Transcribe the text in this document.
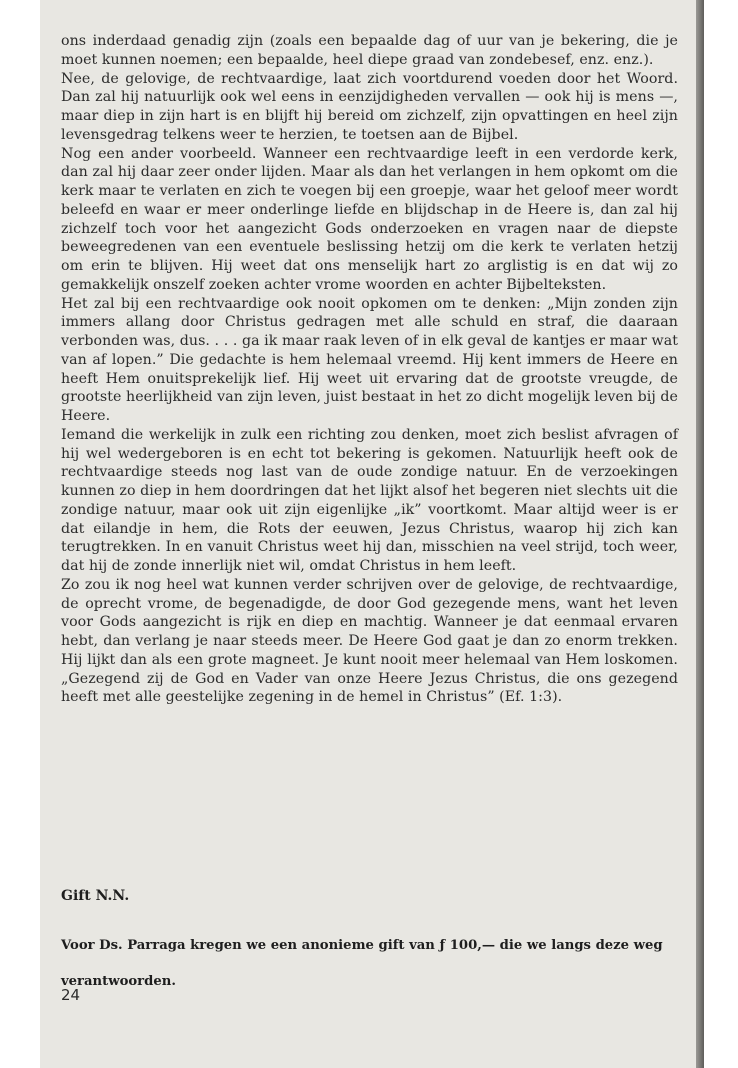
ons inderdaad genadig zijn (zoals een bepaalde dag of uur van je bekering, die je moet kunnen noemen; een bepaalde, heel diepe graad van zondebesef, enz. enz.).

Nee, de gelovige, de rechtvaardige, laat zich voortdurend voeden door het Woord. Dan zal hij natuurlijk ook wel eens in eenzijdigheden vervallen — ook hij is mens —, maar diep in zijn hart is en blijft hij bereid om zichzelf, zijn opvattingen en heel zijn levensgedrag telkens weer te herzien, te toetsen aan de Bijbel.

Nog een ander voorbeeld. Wanneer een rechtvaardige leeft in een verdorde kerk, dan zal hij daar zeer onder lijden. Maar als dan het verlangen in hem opkomt om die kerk maar te verlaten en zich te voegen bij een groepje, waar het geloof meer wordt beleefd en waar er meer onderlinge liefde en blijdschap in de Heere is, dan zal hij zichzelf toch voor het aangezicht Gods onderzoeken en vragen naar de diepste beweegredenen van een eventuele beslissing hetzij om die kerk te verlaten hetzij om erin te blijven. Hij weet dat ons menselijk hart zo arglistig is en dat wij zo gemakkelijk onszelf zoeken achter vrome woorden en achter Bijbelteksten.

Het zal bij een rechtvaardige ook nooit opkomen om te denken: „Mijn zonden zijn immers allang door Christus gedragen met alle schuld en straf, die daaraan verbonden was, dus. . . . ga ik maar raak leven of in elk geval de kantjes er maar wat van af lopen.” Die gedachte is hem helemaal vreemd. Hij kent immers de Heere en heeft Hem onuitsprekelijk lief. Hij weet uit ervaring dat de grootste vreugde, de grootste heerlijkheid van zijn leven, juist bestaat in het zo dicht mogelijk leven bij de Heere.

Iemand die werkelijk in zulk een richting zou denken, moet zich beslist afvragen of hij wel wedergeboren is en echt tot bekering is gekomen. Natuurlijk heeft ook de rechtvaardige steeds nog last van de oude zondige natuur. En de verzoekingen kunnen zo diep in hem doordringen dat het lijkt alsof het begeren niet slechts uit die zondige natuur, maar ook uit zijn eigenlijke „ik” voortkomt. Maar altijd weer is er dat eilandje in hem, die Rots der eeuwen, Jezus Christus, waarop hij zich kan terugtrekken. In en vanuit Christus weet hij dan, misschien na veel strijd, toch weer, dat hij de zonde innerlijk niet wil, omdat Christus in hem leeft.

Zo zou ik nog heel wat kunnen verder schrijven over de gelovige, de rechtvaardige, de oprecht vrome, de begenadigde, de door God gezegende mens, want het leven voor Gods aangezicht is rijk en diep en machtig. Wanneer je dat eenmaal ervaren hebt, dan verlang je naar steeds meer. De Heere God gaat je dan zo enorm trekken. Hij lijkt dan als een grote magneet. Je kunt nooit meer helemaal van Hem loskomen. „Gezegend zij de God en Vader van onze Heere Jezus Christus, die ons gezegend heeft met alle geestelijke zegening in de hemel in Christus” (Ef. 1:3).

Gift N.N.

Voor Ds. Parraga kregen we een anonieme gift van ƒ 100,— die we langs deze weg verantwoorden.

24
